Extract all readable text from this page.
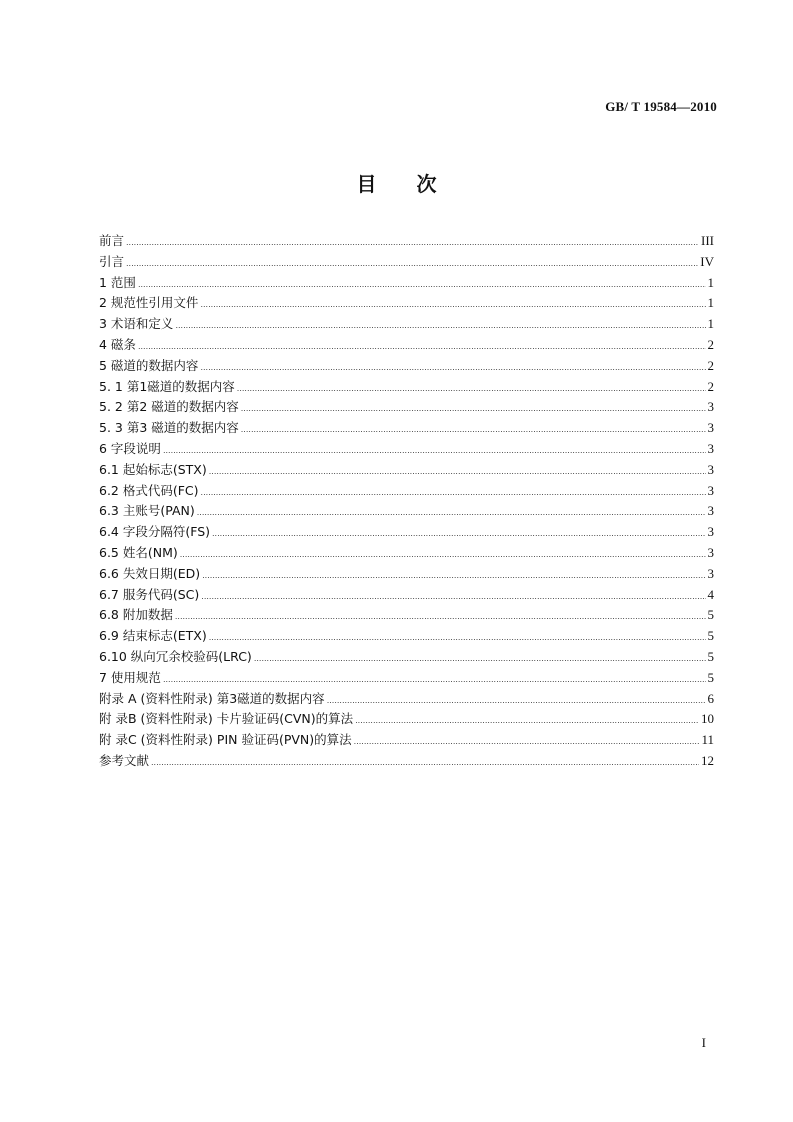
GB/ T 19584—2010
目次
前言 .....	III
引言 .....	IV
1 范围 .....	1
2 规范性引用文件 .....	1
3 术语和定义 .....	1
4 磁条 .....	2
5 磁道的数据内容 .....	2
5. 1 第1磁道的数据内容 .....	2
5. 2 第2 磁道的数据内容 .....	3
5. 3 第3 磁道的数据内容 .....	3
6 字段说明 .....	3
6.1 起始标志(STX) .....	3
6.2 格式代码(FC) .....	3
6.3 主账号(PAN) .....	3
6.4 字段分隔符(FS) .....	3
6.5 姓名(NM) .....	3
6.6 失效日期(ED) .....	3
6.7 服务代码(SC) .....	4
6.8 附加数据 .....	5
6.9 结束标志(ETX) .....	5
6.10 纵向冗余校验码(LRC) .....	5
7 使用规范 .....	5
附录 A (资料性附录) 第3磁道的数据内容 .....	6
附 录B (资料性附录) 卡片验证码(CVN)的算法 .....	10
附 录C (资料性附录) PIN 验证码(PVN)的算法 .....	11
参考文献 .....	12
I
